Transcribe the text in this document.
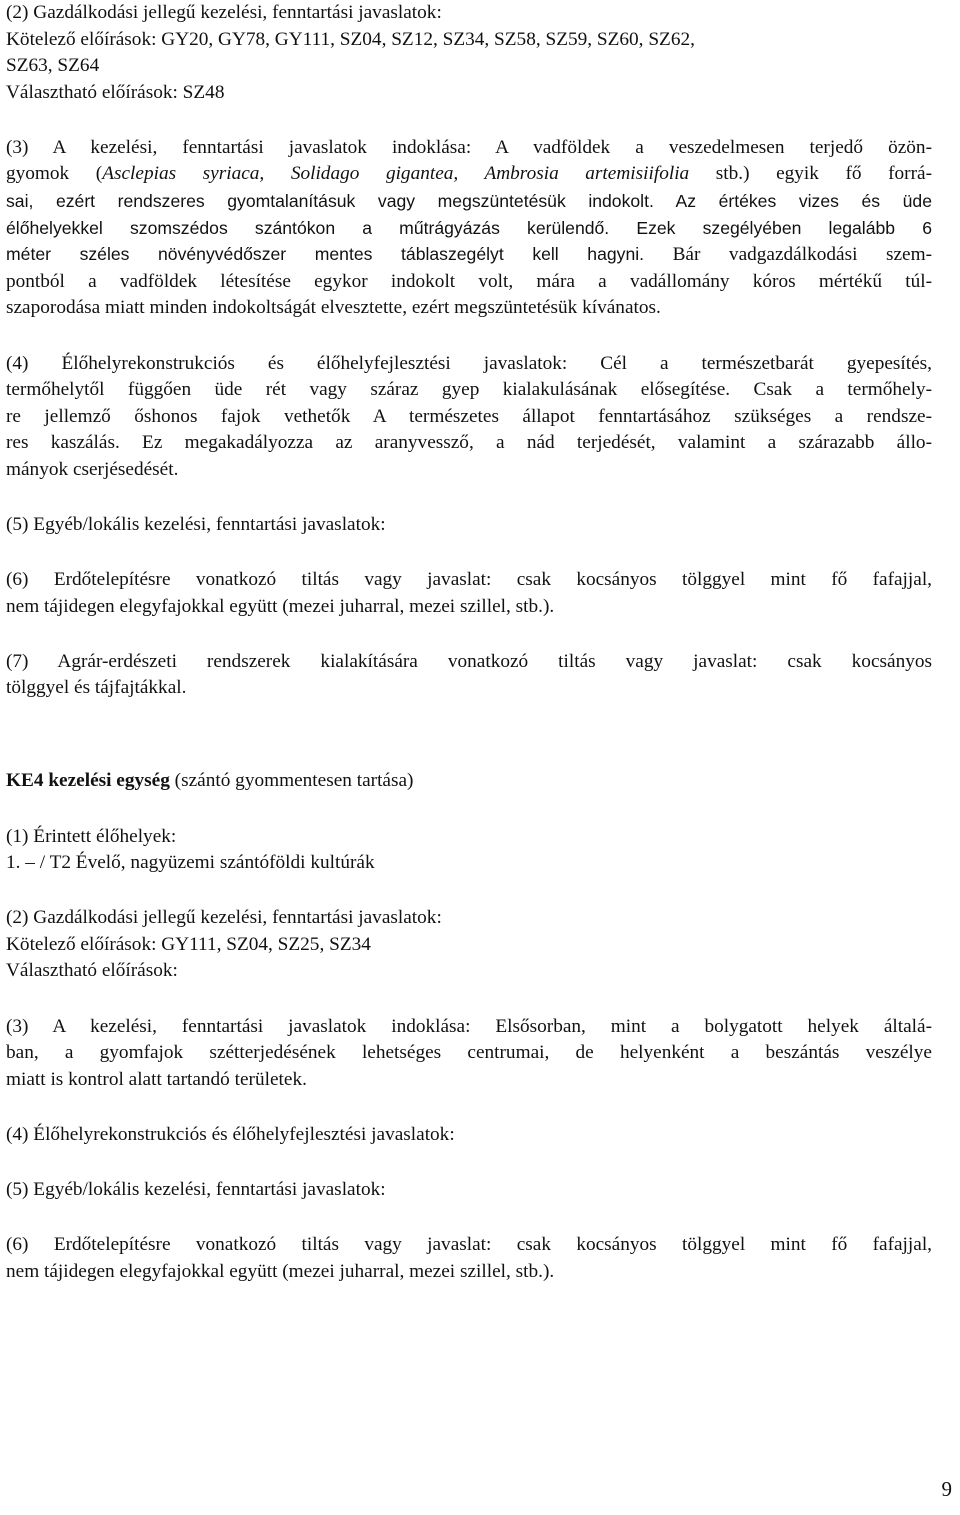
(2) Gazdálkodási jellegű kezelési, fenntartási javaslatok:
Kötelező előírások: GY20, GY78, GY111, SZ04, SZ12, SZ34, SZ58, SZ59, SZ60, SZ62,
SZ63, SZ64
Választható előírások: SZ48
(3) A kezelési, fenntartási javaslatok indoklása: A vadföldek a veszedelmesen terjedő özön-
gyomok (Asclepias syriaca, Solidago gigantea, Ambrosia artemisiifolia stb.) egyik fő forrá-
sai, ezért rendszeres gyomtalanításuk vagy megszüntetésük indokolt. Az értékes vizes és üde
élőhelyekkel szomszédos szántókon a műtrágyázás kerülendő. Ezek szegélyében legalább 6
méter széles növényvédőszer mentes táblaszegélyt kell hagyni. Bár vadgazdálkodási szem-
pontból a vadföldek létesítése egykor indokolt volt, mára a vadállomány kóros mértékű túl-
szaporodása miatt minden indokoltságát elvesztette, ezért megszüntetésük kívánatos.
(4) Élőhelyrekonstrukciós és élőhelyfejlesztési javaslatok: Cél a természetbarát gyepesítés,
termőhelytől függően üde rét vagy száraz gyep kialakulásának elősegítése. Csak a termőhely-
re jellemző őshonos fajok vethetők A természetes állapot fenntartásához szükséges a rendsze-
res kaszálás. Ez megakadályozza az aranyvessző, a nád terjedését, valamint a szárazabb állo-
mányok cserjésedését.
(5) Egyéb/lokális kezelési, fenntartási javaslatok:
(6) Erdőtelepítésre vonatkozó tiltás vagy javaslat: csak kocsányos tölggyel mint fő fafajjal,
nem tájidegen elegyfajokkal együtt (mezei juharral, mezei szillel, stb.).
(7) Agrár-erdészeti rendszerek kialakítására vonatkozó tiltás vagy javaslat: csak kocsányos
tölggyel és tájfajtákkal.
KE4 kezelési egység (szántó gyommentesen tartása)
(1) Érintett élőhelyek:
1. – / T2 Évelő, nagyüzemi szántóföldi kultúrák
(2) Gazdálkodási jellegű kezelési, fenntartási javaslatok:
Kötelező előírások: GY111, SZ04, SZ25, SZ34
Választható előírások:
(3) A kezelési, fenntartási javaslatok indoklása: Elsősorban, mint a bolygatott helyek általá-
ban, a gyomfajok szétterjedésének lehetséges centrumai, de helyenként a beszántás veszélye
miatt is kontrol alatt tartandó területek.
(4) Élőhelyrekonstrukciós és élőhelyfejlesztési javaslatok:
(5) Egyéb/lokális kezelési, fenntartási javaslatok:
(6) Erdőtelepítésre vonatkozó tiltás vagy javaslat: csak kocsányos tölggyel mint fő fafajjal,
nem tájidegen elegyfajokkal együtt (mezei juharral, mezei szillel, stb.).
9
